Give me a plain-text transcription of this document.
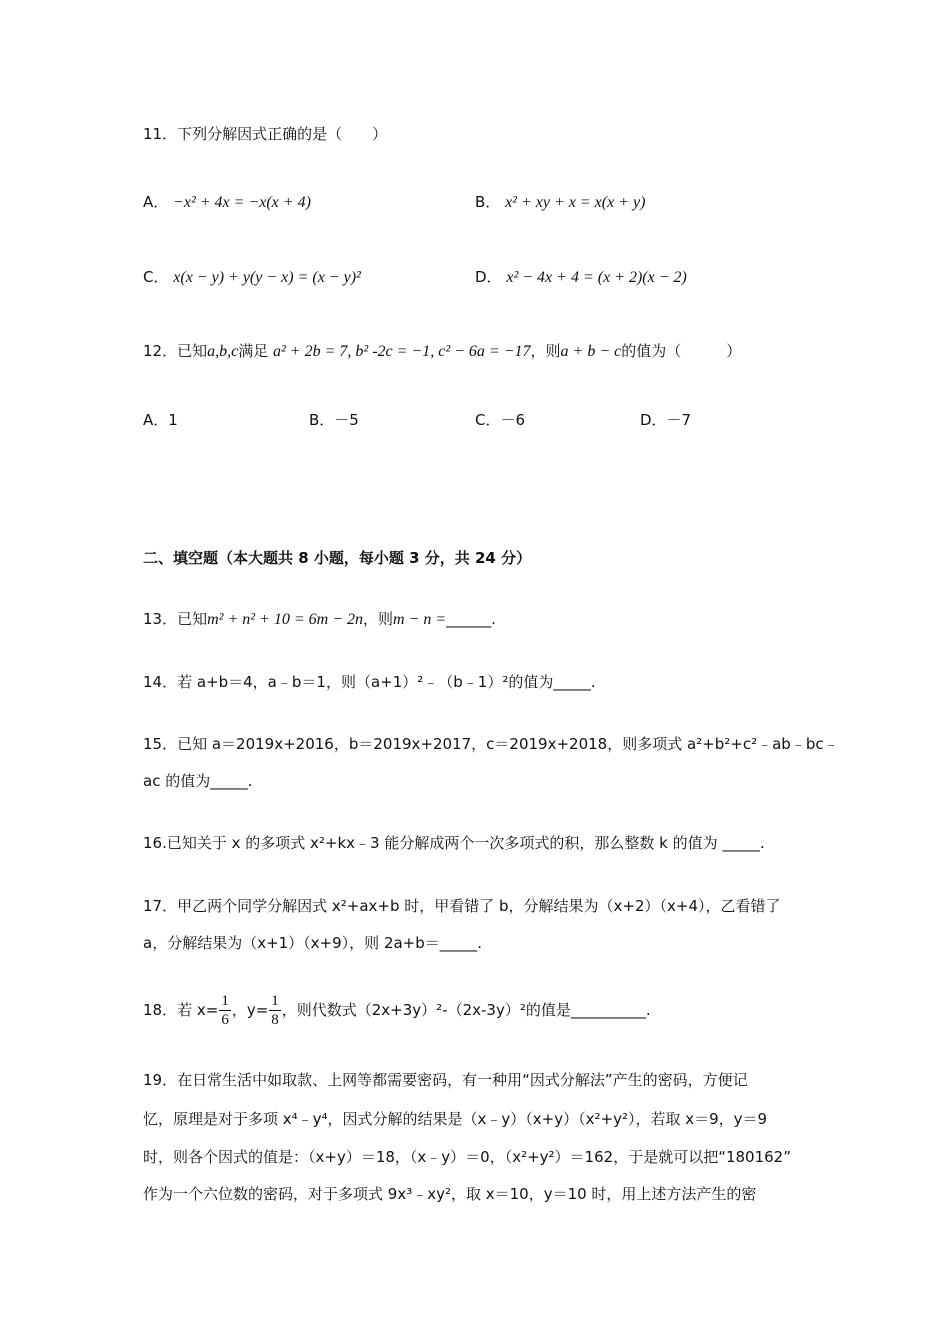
11．下列分解因式正确的是（　　）
A． −x² + 4x = −x(x + 4)	B． x² + xy + x = x(x + y)
C． x(x − y) + y(y − x) = (x − y)²	D． x² − 4x + 4 = (x + 2)(x − 2)
12．已知a,b,c满足 a² + 2b = 7, b² -2c = −1, c² − 6a = −17，则a + b − c的值为（　　　）
A．1	B．－5	C．－6	D．－7
二、填空题（本大题共 8 小题，每小题 3 分，共 24 分）
13．已知m² + n² + 10 = 6m − 2n，则m − n =______.
14．若 a+b＝4，a﹣b＝1，则（a+1）²﹣（b﹣1）²的值为_____.
15．已知 a＝2019x+2016，b＝2019x+2017，c＝2019x+2018，则多项式 a²+b²+c²﹣ab﹣bc﹣
ac 的值为_____.
16.已知关于 x 的多项式 x²+kx﹣3 能分解成两个一次多项式的积，那么整数 k 的值为 _____.
17．甲乙两个同学分解因式 x²+ax+b 时，甲看错了 b，分解结果为（x+2）（x+4），乙看错了
a，分解结果为（x+1）（x+9），则 2a+b＝_____.
18．若 $x= \frac{1}{6}$ ，$y= \frac{1}{8}$ ，则代数式（2x+3y）²-（2x-3y）²的值是__________.
19．在日常生活中如取款、上网等都需要密码，有一种用“因式分解法”产生的密码，方便记
忆，原理是对于多项 x⁴﹣y⁴，因式分解的结果是（x﹣y）（x+y）（x²+y²），若取 x＝9，y＝9
时，则各个因式的值是：（x+y）＝18，（x﹣y）＝0，（x²+y²）＝162，于是就可以把“180162”
作为一个六位数的密码，对于多项式 9x³﹣xy²，取 x＝10，y＝10 时，用上述方法产生的密
